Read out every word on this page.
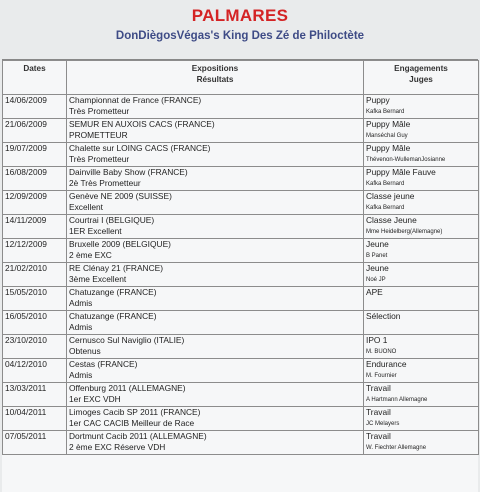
PALMARES
DonDiègosVégas's King Des Zé de Philoctète
Dates	Expositions
Résultats	Engagements
Juges

14/06/2009	Championnat de France (FRANCE)
Très Prometteur	Puppy
Kafka Bernard

21/06/2009	SEMUR EN AUXOIS CACS (FRANCE)
PROMETTEUR	Puppy Mâle
Manséchal Guy

19/07/2009	Chalette sur LOING CACS (FRANCE)
Très Prometteur	Puppy Mâle
Thévenon-WullemanJosianne

16/08/2009	Dainville Baby Show (FRANCE)
2è Très Prometteur	Puppy Mâle Fauve
Kafka Bernard

12/09/2009	Genève NE 2009 (SUISSE)
Excellent	Classe jeune
Kafka Bernard

14/11/2009	Courtrai I (BELGIQUE)
1ER Excellent	Classe Jeune
Mme Heidelberg(Allemagne)

12/12/2009	Bruxelle 2009 (BELGIQUE)
2 ème EXC	Jeune
B Panet

21/02/2010	RE Clénay 21 (FRANCE)
3ème Excellent	Jeune
Noé JP

15/05/2010	Chatuzange (FRANCE)
Admis	APE

16/05/2010	Chatuzange (FRANCE)
Admis	Sélection

23/10/2010	Cernusco Sul Naviglio (ITALIE)
Obtenus	IPO 1
M. BUONO

04/12/2010	Cestas (FRANCE)
Admis	Endurance
M. Fournier

13/03/2011	Offenburg 2011 (ALLEMAGNE)
1er EXC VDH	Travail
A Hartmann Allemagne

10/04/2011	Limoges Cacib SP 2011 (FRANCE)
1er CAC CACIB Meilleur de Race	Travail
JC Melayers

07/05/2011	Dortmunt Cacib 2011 (ALLEMAGNE)
2 ème EXC Réserve VDH	Travail
W. Fiechter Allemagne
